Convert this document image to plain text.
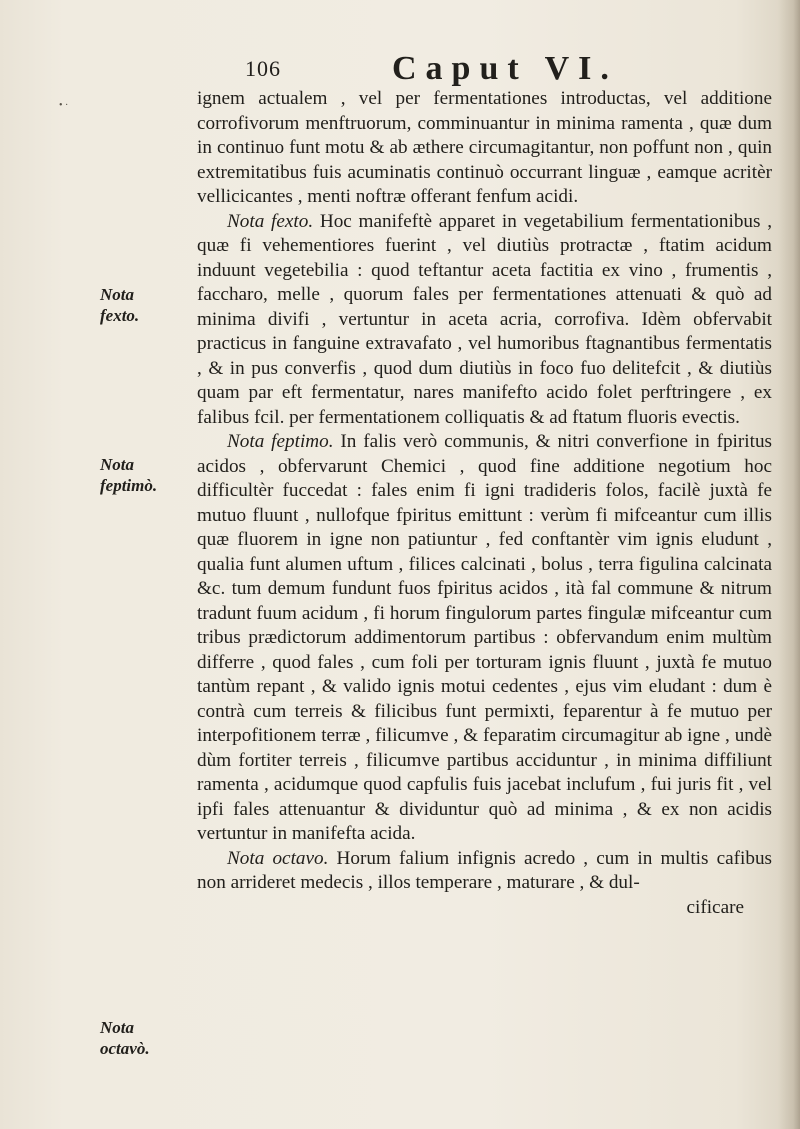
• ·
106	Caput VI.
Nota
fexto.
Nota
feptimò.
Nota
octavò.

ignem actualem , vel per fermentationes introductas, vel additione corrofivorum menftruorum, comminuantur in minima ramenta , quæ dum in continuo funt motu & ab æthere circumagitantur, non poffunt non , quin extremitatibus fuis acuminatis continuò occurrant linguæ , eamque acritèr vellicicantes , menti noftræ offerant fenfum acidi.

Nota fexto. Hoc manifeftè apparet in vegetabilium fermentationibus , quæ fi vehementiores fuerint , vel diutiùs protractæ , ftatim acidum induunt vegetebilia : quod teftantur aceta factitia ex vino , frumentis , faccharo, melle , quorum fales per fermentationes attenuati & quò ad minima divifi , vertuntur in aceta acria, corrofiva. Idèm obfervabit practicus in fanguine extravafato , vel humoribus ftagnantibus fermentatis , & in pus converfis , quod dum diutiùs in foco fuo delitefcit , & diutiùs quam par eft fermentatur, nares manifefto acido folet perftringere , ex falibus fcil. per fermentationem colliquatis & ad ftatum fluoris evectis.

Nota feptimo. In falis verò communis, & nitri converfione in fpiritus acidos , obfervarunt Chemici , quod fine additione negotium hoc difficultèr fuccedat : fales enim fi igni tradideris folos, facilè juxtà fe mutuo fluunt , nullofque fpiritus emittunt : verùm fi mifceantur cum illis quæ fluorem in igne non patiuntur , fed conftantèr vim ignis eludunt , qualia funt alumen uftum , filices calcinati , bolus , terra figulina calcinata &c. tum demum fundunt fuos fpiritus acidos , ità fal commune & nitrum tradunt fuum acidum , fi horum fingulorum partes fingulæ mifceantur cum tribus prædictorum addimentorum partibus : obfervandum enim multùm differre , quod fales , cum foli per torturam ignis fluunt , juxtà fe mutuo tantùm repant , & valido ignis motui cedentes , ejus vim eludant : dum è contrà cum terreis & filicibus funt permixti, feparentur à fe mutuo per interpofitionem terræ , filicumve , & feparatim circumagitur ab igne , undè dùm fortiter terreis , filicumve partibus acciduntur , in minima diffiliunt ramenta , acidumque quod capfulis fuis jacebat inclufum , fui juris fit , vel ipfi fales attenuantur & dividuntur quò ad minima , & ex non acidis vertuntur in manifefta acida.

Nota octavo. Horum falium infignis acredo , cum in multis cafibus non arrideret medecis , illos temperare , maturare , & dul-

cificare
